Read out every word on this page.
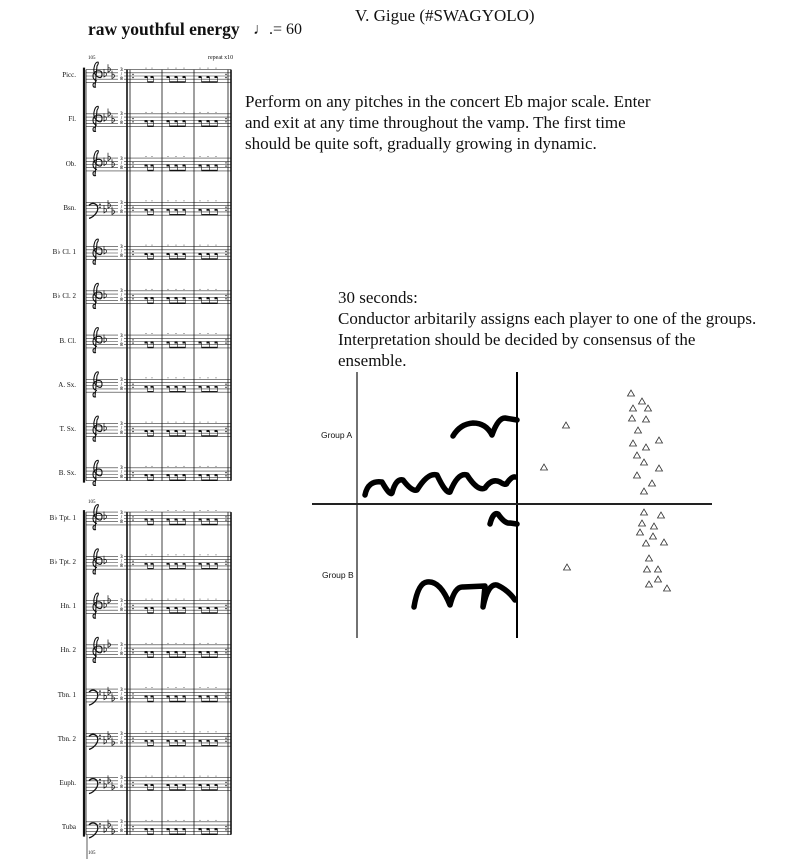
V. Gigue (#SWAGYOLO)
raw youthful energy ♩.= 60
repeat x10
105
105
105
Picc.	3/8
Fl.	3/8
Ob.	3/8
Bsn.	3/8
B♭ Cl. 1	3/8
B♭ Cl. 2	3/8
B. Cl.	3/8
A. Sx.	3/8
T. Sx.	3/8
B. Sx.	3/8
B♭ Tpt. 1	3/8
B♭ Tpt. 2	3/8
Hn. 1	3/8
Hn. 2	3/8
Tbn. 1	3/8
Tbn. 2	3/8
Euph.	3/8
Tuba	3/8
Perform on any pitches in the concert Eb major scale. Enter and exit at any time throughout the vamp. The first time should be quite soft, gradually growing in dynamic.
30 seconds:
Conductor arbitarily assigns each player to one of the groups. Interpretation should be decided by consensus of the ensemble.
Group A
Group B
